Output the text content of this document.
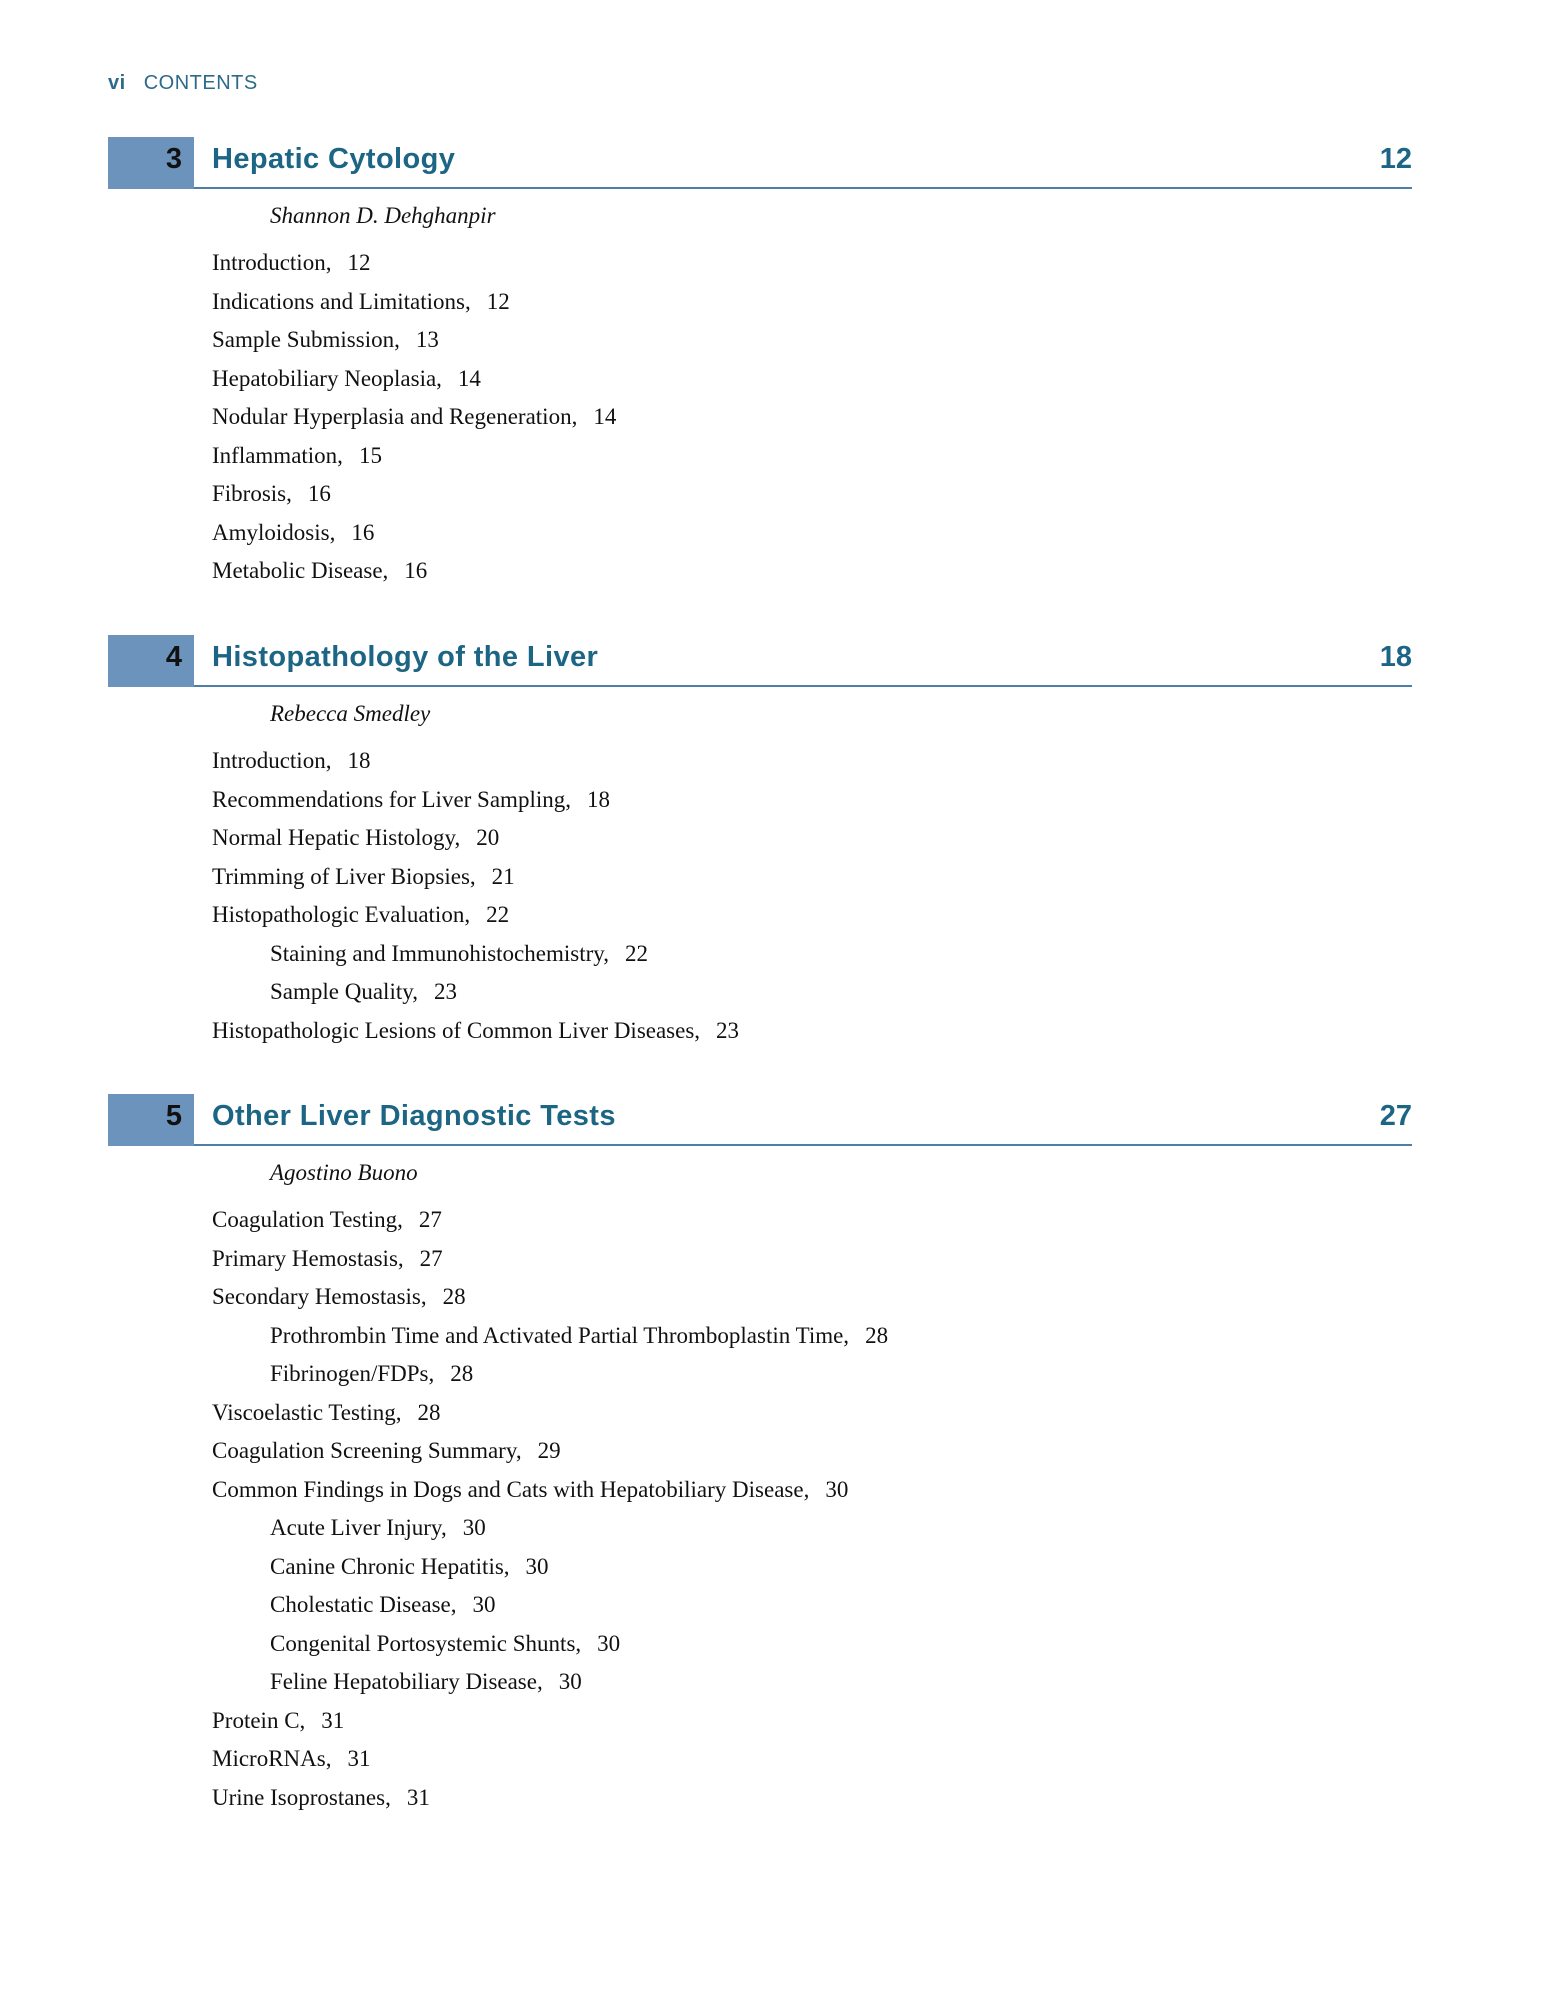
vi CONTENTS
3 Hepatic Cytology	12
Shannon D. Dehghanpir
Introduction, 12
Indications and Limitations, 12
Sample Submission, 13
Hepatobiliary Neoplasia, 14
Nodular Hyperplasia and Regeneration, 14
Inflammation, 15
Fibrosis, 16
Amyloidosis, 16
Metabolic Disease, 16
4 Histopathology of the Liver	18
Rebecca Smedley
Introduction, 18
Recommendations for Liver Sampling, 18
Normal Hepatic Histology, 20
Trimming of Liver Biopsies, 21
Histopathologic Evaluation, 22
Staining and Immunohistochemistry, 22
Sample Quality, 23
Histopathologic Lesions of Common Liver Diseases, 23
5 Other Liver Diagnostic Tests	27
Agostino Buono
Coagulation Testing, 27
Primary Hemostasis, 27
Secondary Hemostasis, 28
Prothrombin Time and Activated Partial Thromboplastin Time, 28
Fibrinogen/FDPs, 28
Viscoelastic Testing, 28
Coagulation Screening Summary, 29
Common Findings in Dogs and Cats with Hepatobiliary Disease, 30
Acute Liver Injury, 30
Canine Chronic Hepatitis, 30
Cholestatic Disease, 30
Congenital Portosystemic Shunts, 30
Feline Hepatobiliary Disease, 30
Protein C, 31
MicroRNAs, 31
Urine Isoprostanes, 31
